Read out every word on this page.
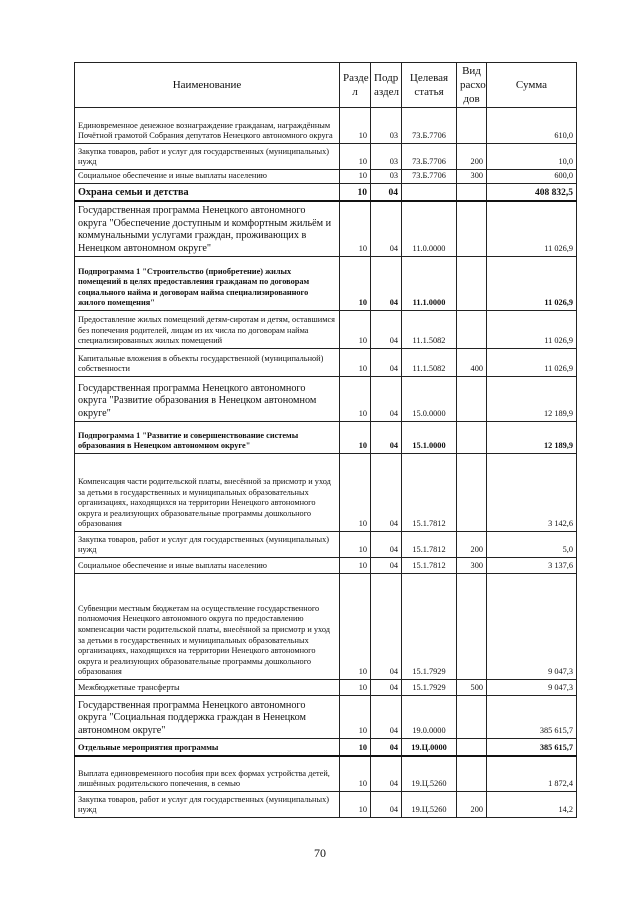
Наименование	Разде л	Подр аздел	Целевая статья	Вид расхо дов	Сумма
Единовременное денежное вознаграждение гражданам, награждённым Почётной грамотой Собрания депутатов Ненецкого автономного округа	10	03	73.Б.7706		610,0
Закупка товаров, работ и услуг для государственных (муниципальных) нужд	10	03	73.Б.7706	200	10,0
Социальное обеспечение и иные выплаты населению	10	03	73.Б.7706	300	600,0
Охрана семьи и детства	10	04			408 832,5
Государственная программа Ненецкого автономного округа "Обеспечение доступным и комфортным жильём и коммунальными услугами граждан, проживающих в Ненецком автономном округе"	10	04	11.0.0000		11 026,9
Подпрограмма 1 "Строительство (приобретение) жилых помещений в целях предоставления гражданам по договорам социального найма и договорам найма специализированного жилого помещения"	10	04	11.1.0000		11 026,9
Предоставление жилых помещений детям-сиротам и детям, оставшимся без попечения родителей, лицам из их числа по договорам найма специализированных жилых помещений	10	04	11.1.5082		11 026,9
Капитальные вложения в объекты государственной (муниципальной) собственности	10	04	11.1.5082	400	11 026,9
Государственная программа Ненецкого автономного округа "Развитие образования в Ненецком автономном округе"	10	04	15.0.0000		12 189,9
Подпрограмма 1 "Развитие и совершенствование системы образования в Ненецком автономном округе"	10	04	15.1.0000		12 189,9
Компенсация части родительской платы, внесённой за присмотр и уход за детьми в государственных и муниципальных образовательных организациях, находящихся на территории Ненецкого автономного округа и реализующих образовательные программы дошкольного образования	10	04	15.1.7812		3 142,6
Закупка товаров, работ и услуг для государственных (муниципальных) нужд	10	04	15.1.7812	200	5,0
Социальное обеспечение и иные выплаты населению	10	04	15.1.7812	300	3 137,6
Субвенции местным бюджетам на осуществление государственного полномочия Ненецкого автономного округа по предоставлению компенсации части родительской платы, внесённой за присмотр и уход за детьми в государственных и муниципальных образовательных организациях, находящихся на территории Ненецкого автономного округа и реализующих образовательные программы дошкольного образования	10	04	15.1.7929		9 047,3
Межбюджетные трансферты	10	04	15.1.7929	500	9 047,3
Государственная программа Ненецкого автономного округа "Социальная поддержка граждан в Ненецком автономном округе"	10	04	19.0.0000		385 615,7
Отдельные мероприятия программы	10	04	19.Ц.0000		385 615,7
Выплата единовременного пособия при всех формах устройства детей, лишённых родительского попечения, в семью	10	04	19.Ц.5260		1 872,4
Закупка товаров, работ и услуг для государственных (муниципальных) нужд	10	04	19.Ц.5260	200	14,2
70
